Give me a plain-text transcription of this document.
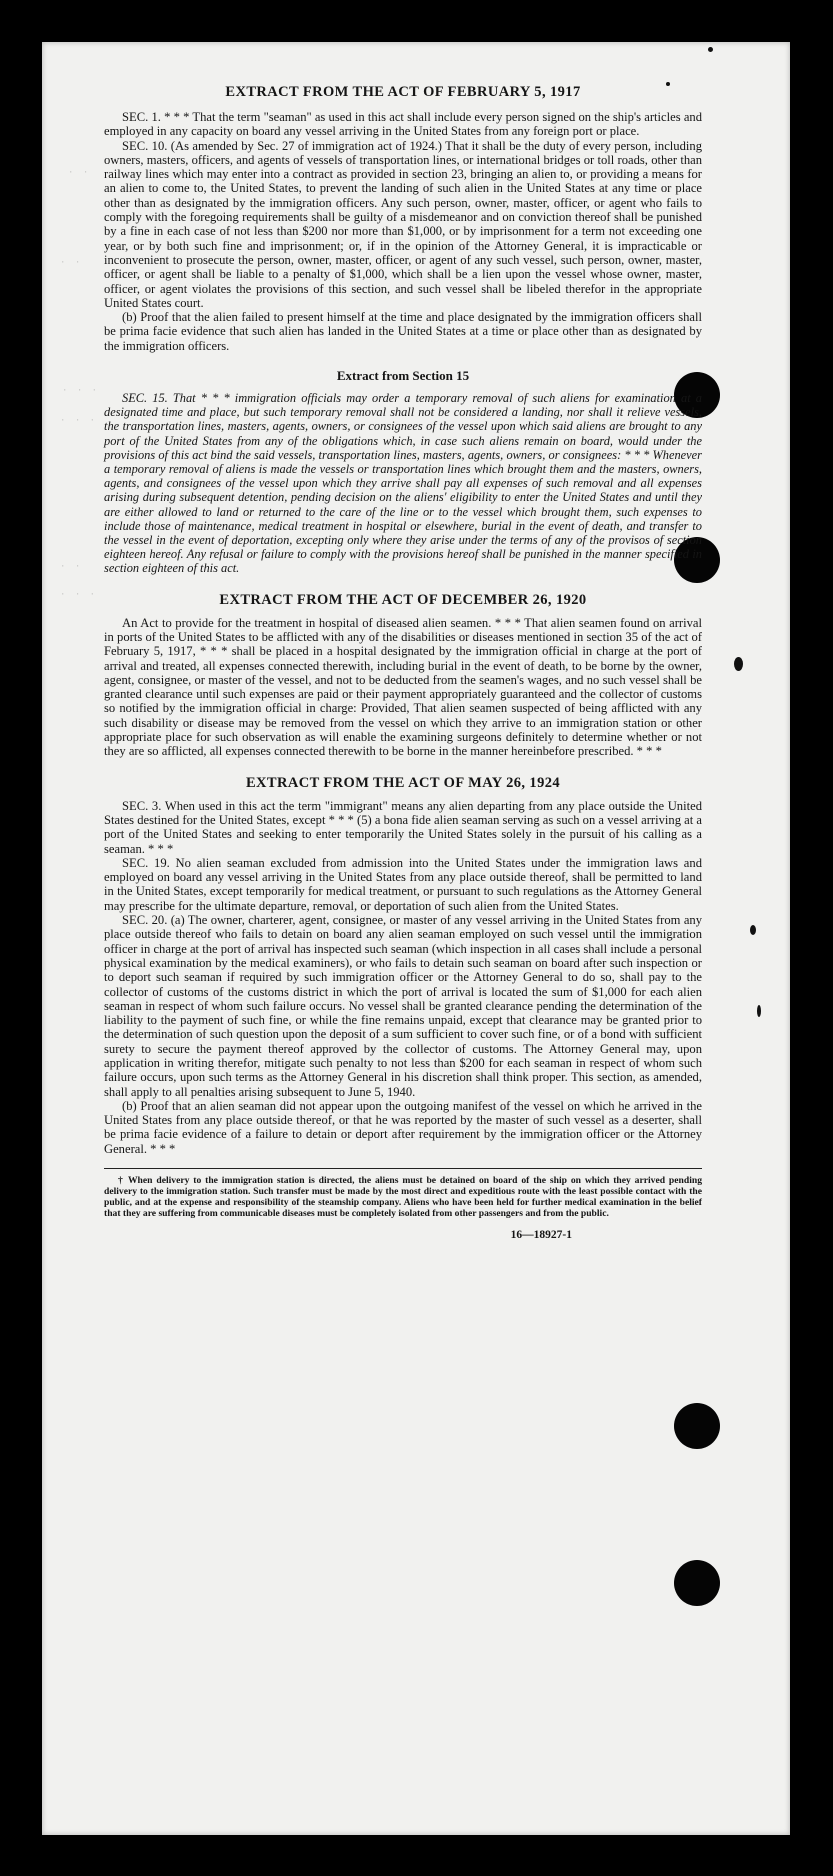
· ·
· ·
· · ·
· · ·
· ·
· · ·
EXTRACT FROM THE ACT OF FEBRUARY 5, 1917

SEC. 1. * * * That the term "seaman" as used in this act shall include every person signed on the ship's articles and employed in any capacity on board any vessel arriving in the United States from any foreign port or place.

SEC. 10. (As amended by Sec. 27 of immigration act of 1924.) That it shall be the duty of every person, including owners, masters, officers, and agents of vessels of transportation lines, or international bridges or toll roads, other than railway lines which may enter into a contract as provided in section 23, bringing an alien to, or providing a means for an alien to come to, the United States, to prevent the landing of such alien in the United States at any time or place other than as designated by the immigration officers. Any such person, owner, master, officer, or agent who fails to comply with the foregoing requirements shall be guilty of a misdemeanor and on conviction thereof shall be punished by a fine in each case of not less than $200 nor more than $1,000, or by imprisonment for a term not exceeding one year, or by both such fine and imprisonment; or, if in the opinion of the Attorney General, it is impracticable or inconvenient to prosecute the person, owner, master, officer, or agent of any such vessel, such person, owner, master, officer, or agent shall be liable to a penalty of $1,000, which shall be a lien upon the vessel whose owner, master, officer, or agent violates the provisions of this section, and such vessel shall be libeled therefor in the appropriate United States court.

(b) Proof that the alien failed to present himself at the time and place designated by the immigration officers shall be prima facie evidence that such alien has landed in the United States at a time or place other than as designated by the immigration officers.

Extract from Section 15

SEC. 15. That * * * immigration officials may order a temporary removal of such aliens for examination at a designated time and place, but such temporary removal shall not be considered a landing, nor shall it relieve vessels, the transportation lines, masters, agents, owners, or consignees of the vessel upon which said aliens are brought to any port of the United States from any of the obligations which, in case such aliens remain on board, would under the provisions of this act bind the said vessels, transportation lines, masters, agents, owners, or consignees: * * * Whenever a temporary removal of aliens is made the vessels or transportation lines which brought them and the masters, owners, agents, and consignees of the vessel upon which they arrive shall pay all expenses of such removal and all expenses arising during subsequent detention, pending decision on the aliens' eligibility to enter the United States and until they are either allowed to land or returned to the care of the line or to the vessel which brought them, such expenses to include those of maintenance, medical treatment in hospital or elsewhere, burial in the event of death, and transfer to the vessel in the event of deportation, excepting only where they arise under the terms of any of the provisos of section eighteen hereof. Any refusal or failure to comply with the provisions hereof shall be punished in the manner specified in section eighteen of this act.

EXTRACT FROM THE ACT OF DECEMBER 26, 1920

An Act to provide for the treatment in hospital of diseased alien seamen. * * * That alien seamen found on arrival in ports of the United States to be afflicted with any of the disabilities or diseases mentioned in section 35 of the act of February 5, 1917, * * * shall be placed in a hospital designated by the immigration official in charge at the port of arrival and treated, all expenses connected therewith, including burial in the event of death, to be borne by the owner, agent, consignee, or master of the vessel, and not to be deducted from the seamen's wages, and no such vessel shall be granted clearance until such expenses are paid or their payment appropriately guaranteed and the collector of customs so notified by the immigration official in charge: Provided, That alien seamen suspected of being afflicted with any such disability or disease may be removed from the vessel on which they arrive to an immigration station or other appropriate place for such observation as will enable the examining surgeons definitely to determine whether or not they are so afflicted, all expenses connected therewith to be borne in the manner hereinbefore prescribed. * * *

EXTRACT FROM THE ACT OF MAY 26, 1924

SEC. 3. When used in this act the term "immigrant" means any alien departing from any place outside the United States destined for the United States, except * * * (5) a bona fide alien seaman serving as such on a vessel arriving at a port of the United States and seeking to enter temporarily the United States solely in the pursuit of his calling as a seaman. * * *

SEC. 19. No alien seaman excluded from admission into the United States under the immigration laws and employed on board any vessel arriving in the United States from any place outside thereof, shall be permitted to land in the United States, except temporarily for medical treatment, or pursuant to such regulations as the Attorney General may prescribe for the ultimate departure, removal, or deportation of such alien from the United States.

SEC. 20. (a) The owner, charterer, agent, consignee, or master of any vessel arriving in the United States from any place outside thereof who fails to detain on board any alien seaman employed on such vessel until the immigration officer in charge at the port of arrival has inspected such seaman (which inspection in all cases shall include a personal physical examination by the medical examiners), or who fails to detain such seaman on board after such inspection or to deport such seaman if required by such immigration officer or the Attorney General to do so, shall pay to the collector of customs of the customs district in which the port of arrival is located the sum of $1,000 for each alien seaman in respect of whom such failure occurs. No vessel shall be granted clearance pending the determination of the liability to the payment of such fine, or while the fine remains unpaid, except that clearance may be granted prior to the determination of such question upon the deposit of a sum sufficient to cover such fine, or of a bond with sufficient surety to secure the payment thereof approved by the collector of customs. The Attorney General may, upon application in writing therefor, mitigate such penalty to not less than $200 for each seaman in respect of whom such failure occurs, upon such terms as the Attorney General in his discretion shall think proper. This section, as amended, shall apply to all penalties arising subsequent to June 5, 1940.

(b) Proof that an alien seaman did not appear upon the outgoing manifest of the vessel on which he arrived in the United States from any place outside thereof, or that he was reported by the master of such vessel as a deserter, shall be prima facie evidence of a failure to detain or deport after requirement by the immigration officer or the Attorney General. * * *

† When delivery to the immigration station is directed, the aliens must be detained on board of the ship on which they arrived pending delivery to the immigration station. Such transfer must be made by the most direct and expeditious route with the least possible contact with the public, and at the expense and responsibility of the steamship company. Aliens who have been held for further medical examination in the belief that they are suffering from communicable diseases must be completely isolated from other passengers and from the public.

16—18927-1
